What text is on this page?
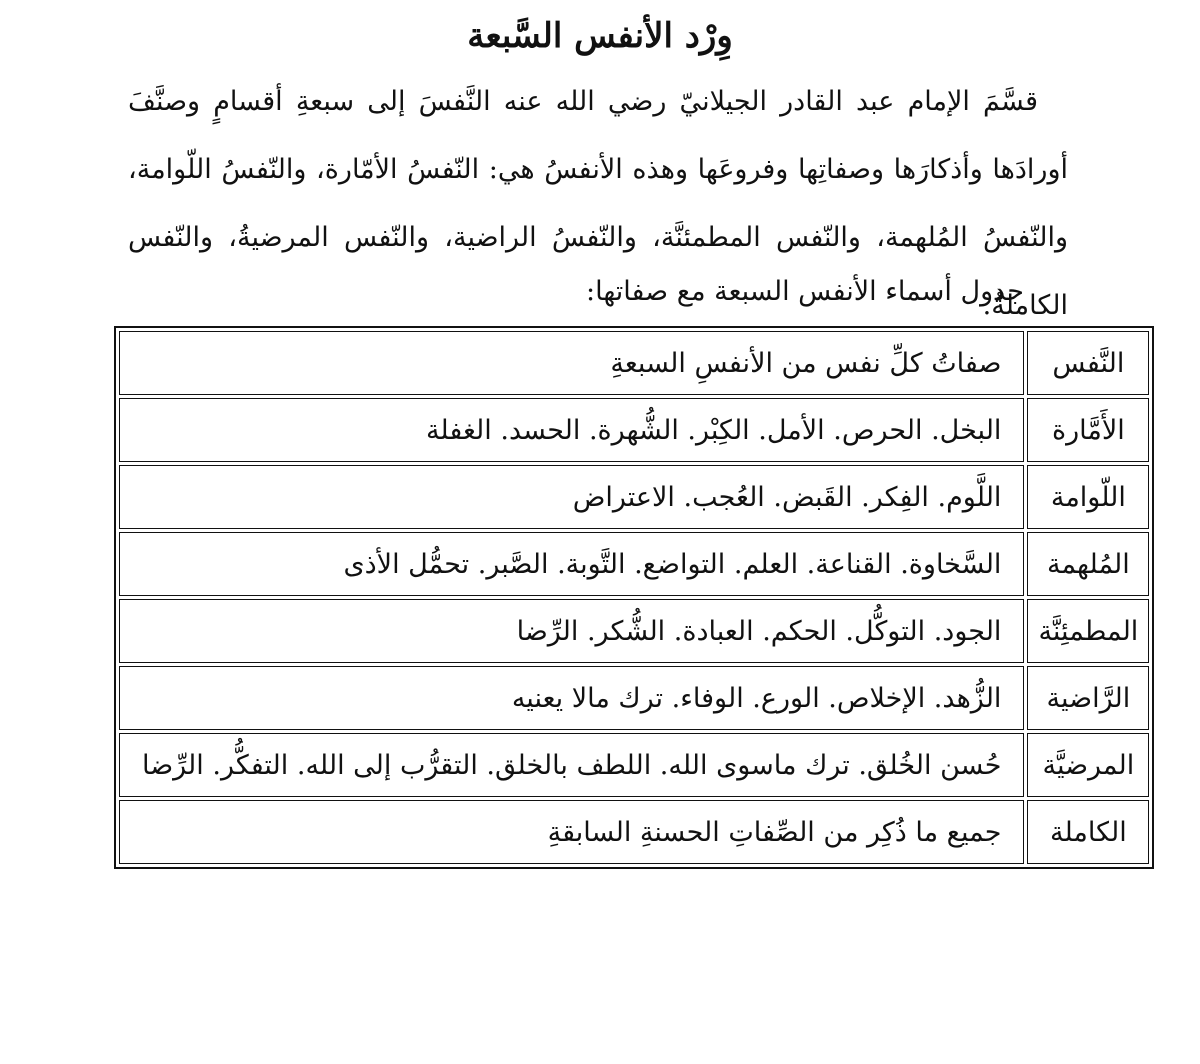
وِرْد الأنفس السَّبعة

قسَّمَ الإمام عبد القادر الجيلانيّ رضي الله عنه النَّفسَ إلى سبعةِ أقسامٍ وصنَّفَ أورادَها وأذكارَها وصفاتِها وفروعَها وهذه الأنفسُ هي: النّفسُ الأمّارة، والنّفسُ اللّوامة، والنّفسُ المُلهمة، والنّفس المطمئنَّة، والنّفسُ الراضية، والنّفس المرضيةُ، والنّفس الكاملةُ.

جدول أسماء الأنفس السبعة مع صفاتها:

النَّفس	صفاتُ كلِّ نفس من الأنفسِ السبعةِ
الأَمَّارة	البخل. الحرص. الأمل. الكِبْر. الشُّهرة. الحسد. الغفلة
اللّوامة	اللَّوم. الفِكر. القَبض. العُجب. الاعتراض
المُلهمة	السَّخاوة. القناعة. العلم. التواضع. التَّوبة. الصَّبر. تحمُّل الأذى
المطمئِنَّة	الجود. التوكُّل. الحكم. العبادة. الشُّكر. الرِّضا
الرَّاضية	الزُّهد. الإخلاص. الورع. الوفاء. ترك مالا يعنيه
المرضيَّة	حُسن الخُلق. ترك ماسوى الله. اللطف بالخلق. التقرُّب إلى الله. التفكُّر. الرِّضا
الكاملة	جميع ما ذُكِر من الصِّفاتِ الحسنةِ السابقةِ
